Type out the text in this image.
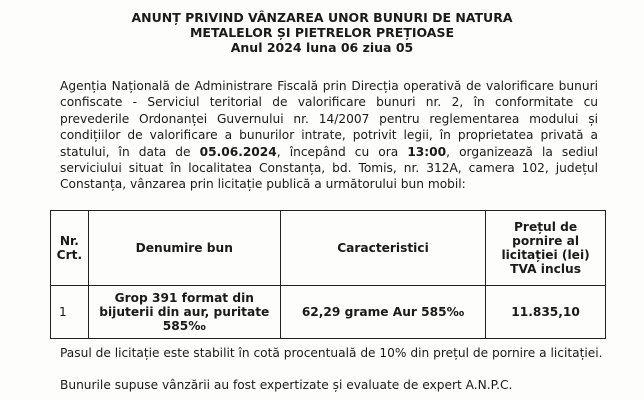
ANUNȚ PRIVIND VÂNZAREA UNOR BUNURI DE NATURA
METALELOR ȘI PIETRELOR PREȚIOASE
Anul 2024 luna 06 ziua 05
Agenția Națională de Administrare Fiscală prin Direcția operativă de valorificare bunuri confiscate - Serviciul teritorial de valorificare bunuri nr. 2, în conformitate cu prevederile Ordonanței Guvernului nr. 14/2007 pentru reglementarea modului și condițiilor de valorificare a bunurilor intrate, potrivit legii, în proprietatea privată a statului, în data de 05.06.2024, începând cu ora 13:00, organizează la sediul serviciului situat în localitatea Constanța, bd. Tomis, nr. 312A, camera 102, județul Constanța, vânzarea prin licitație publică a următorului bun mobil:
Nr. Crt.	Denumire bun	Caracteristici	Prețul de pornire al licitației (lei) TVA inclus
1	Grop 391 format din bijuterii din aur, puritate 585‰	62,29 grame Aur 585‰	11.835,10
Pasul de licitație este stabilit în cotă procentuală de 10% din prețul de pornire a licitației.
Bunurile supuse vânzării au fost expertizate și evaluate de expert A.N.P.C.
